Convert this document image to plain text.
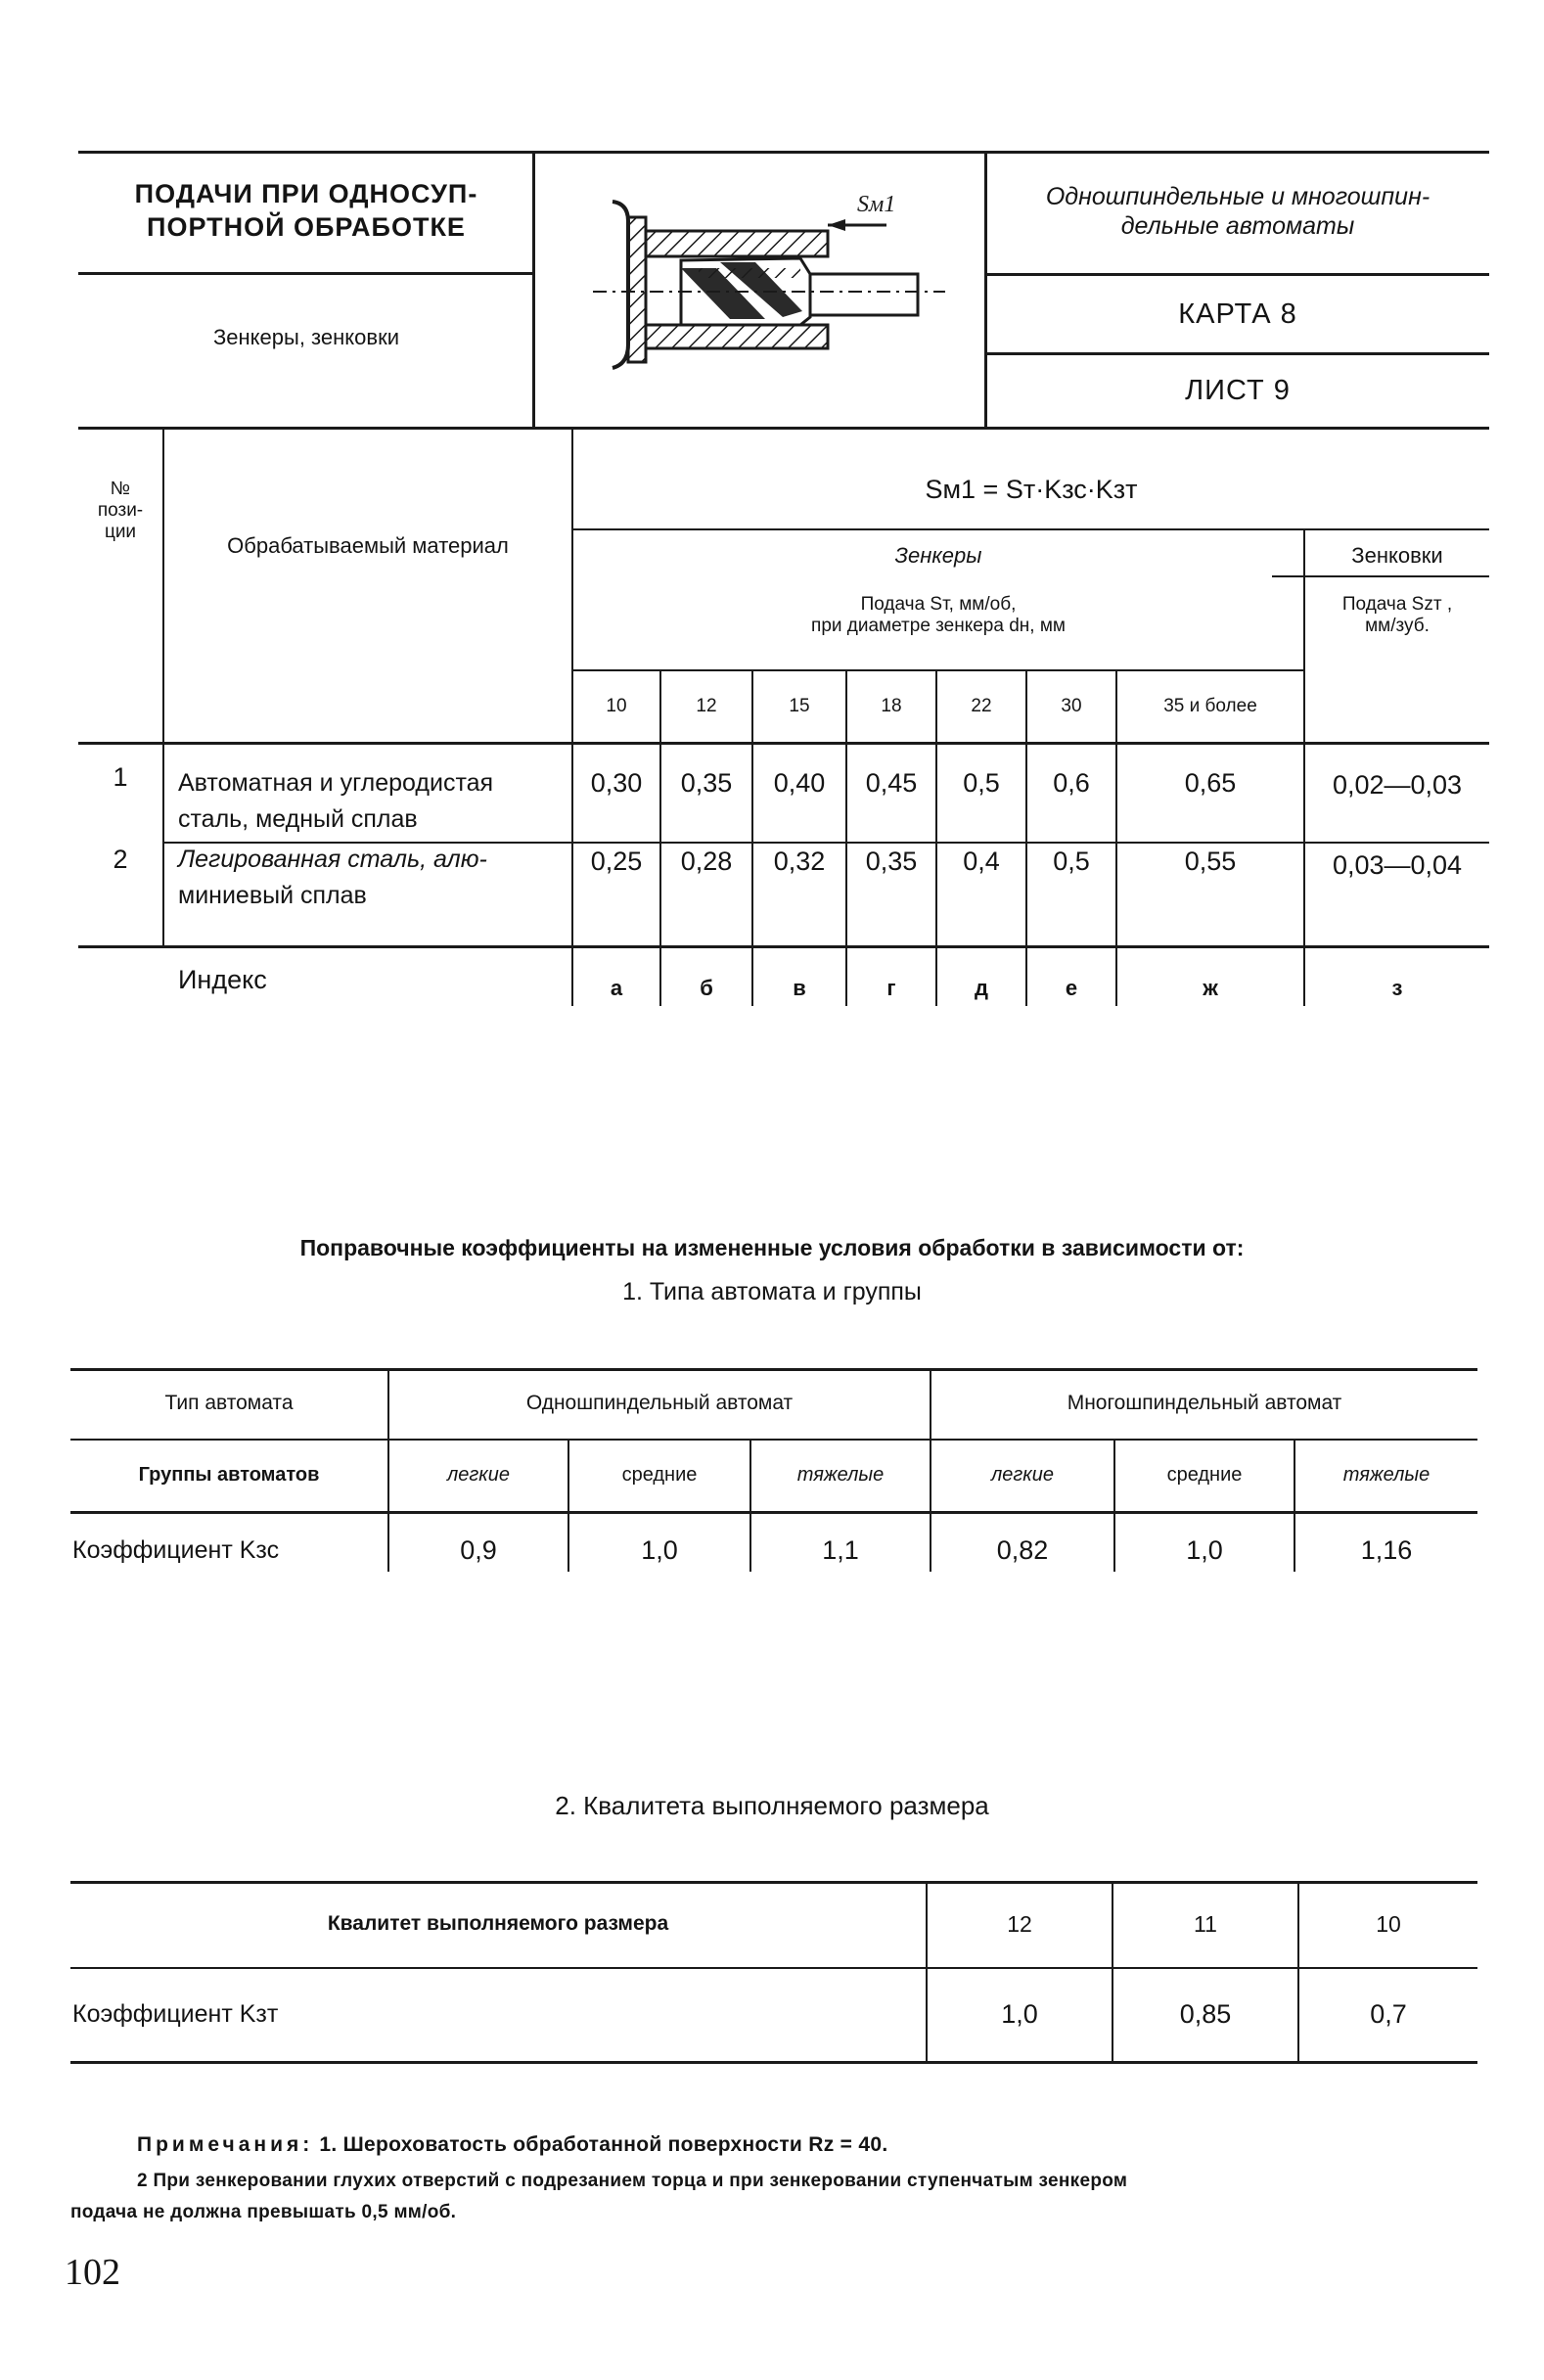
ПОДАЧИ ПРИ ОДНОСУП-
ПОРТНОЙ ОБРАБОТКЕ
Зенкеры, зенковки
Sм1	Одношпиндельные и многошпин-
дельные автоматы
КАРТА 8
ЛИСТ 9
№
пози-
ции
Обрабатываемый материал
Sм1 = Sт·Kзс·Kзт
Зенкеры	Зенковки
Подача Sт, мм/об,
при диаметре зенкера dн, мм
Подача Szт ,
мм/зуб.
10	12	15	18	22	30	35 и более
1	Автоматная и углеродистая
сталь, медный сплав
0,30	0,35	0,40	0,45	0,5	0,6	0,65	0,02—0,03
2	Легированная сталь, алю-
миниевый сплав
0,25	0,28	0,32	0,35	0,4	0,5	0,55	0,03—0,04
Индекс	а	б	в	г	д	е	ж	з
Поправочные коэффициенты на измененные условия обработки в зависимости от:
1. Типа автомата и группы
Тип автомата	Одношпиндельный автомат	Многошпиндельный автомат
Группы автоматов	легкие	средние	тяжелые	легкие	средние	тяжелые
Коэффициент Kзс	0,9	1,0	1,1	0,82	1,0	1,16
2. Квалитета выполняемого размера
Квалитет выполняемого размера	12	11	10
Коэффициент Kзт	1,0	0,85	0,7
Примечания: 1. Шероховатость обработанной поверхности Rz = 40.
2 При зенкеровании глухих отверстий с подрезанием торца и при зенкеровании ступенчатым зенкером
подача не должна превышать 0,5 мм/об.
102
